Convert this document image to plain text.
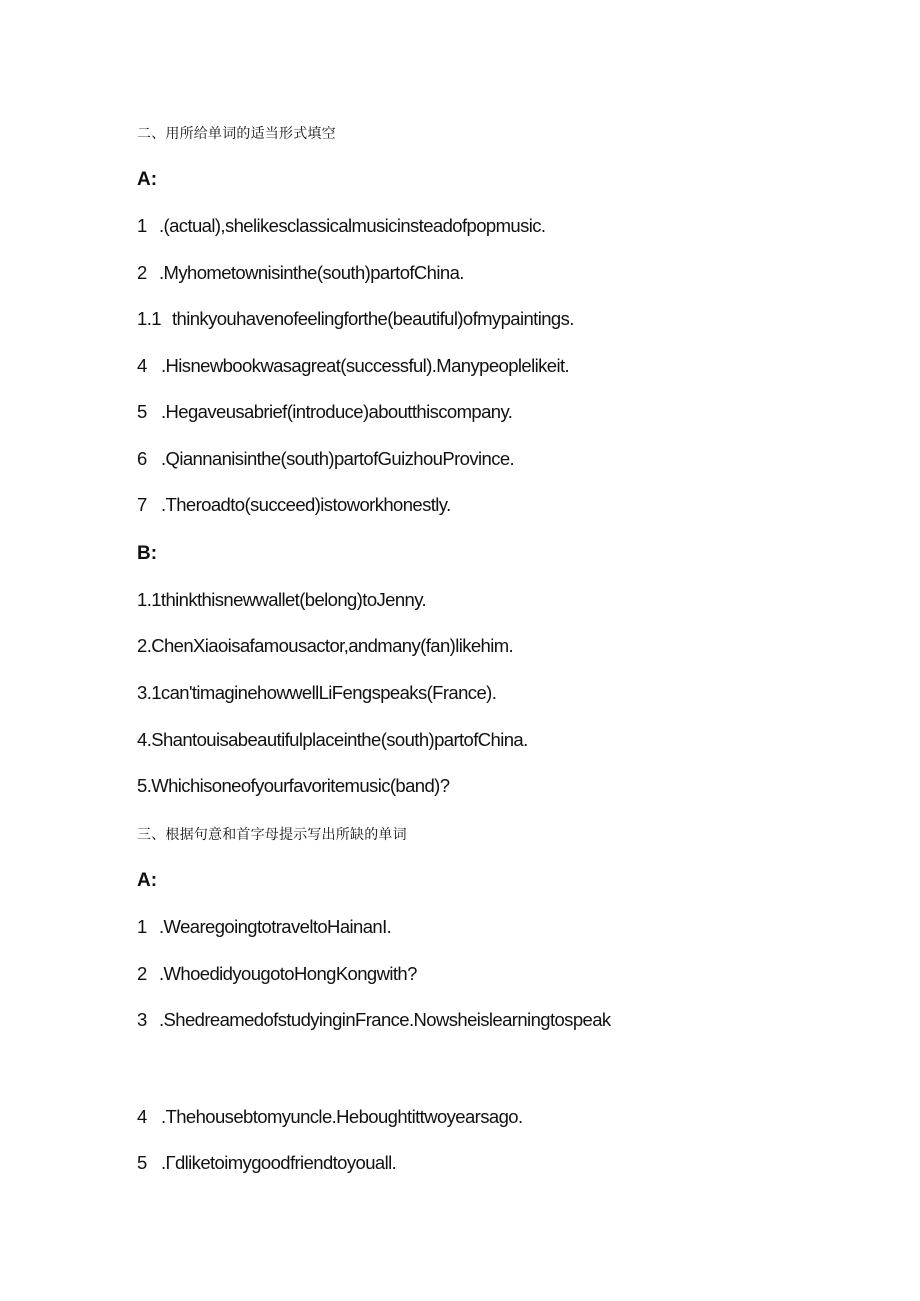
二、用所给单词的适当形式填空
A:
1 .(actual),shelikesclassicalmusicinsteadofpopmusic.
2 .Myhometownisinthe(south)partofChina.
1.1 thinkyouhavenofeelingforthe(beautiful)ofmypaintings.
4 .Hisnewbookwasagreat(successful).Manypeoplelikeit.
5 .Hegaveusabrief(introduce)aboutthiscompany.
6 .Qiannanisinthe(south)partofGuizhouProvince.
7 .Theroadto(succeed)istoworkhonestly.
B:
1.1thinkthisnewwallet(belong)toJenny.
2.ChenXiaoisafamousactor,andmany(fan)likehim.
3.1can'timaginehowwellLiFengspeaks(France).
4.Shantouisabeautifulplaceinthe(south)partofChina.
5.Whichisoneofyourfavoritemusic(band)?
三、根据句意和首字母提示写出所缺的单词
A:
1 .WearegoingtotraveltoHainanI.
2 .WhoedidyougotoHongKongwith?
3 .ShedreamedofstudyinginFrance.Nowsheislearningtospeak
4 .Thehousebtomyuncle.Heboughtittwoyearsago.
5 .Гdliketoimygoodfriendtoyouall.
